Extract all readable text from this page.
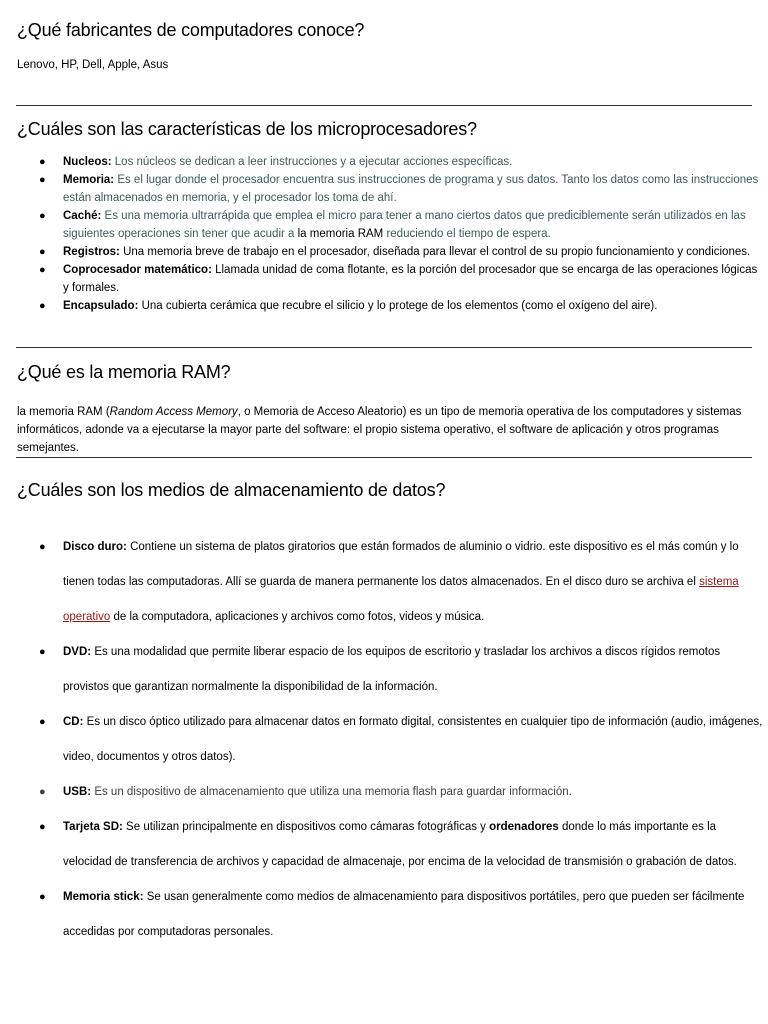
¿Qué fabricantes de computadores conoce?
Lenovo, HP, Dell, Apple, Asus
¿Cuáles son las características de los microprocesadores?
● Nucleos: Los núcleos se dedican a leer instrucciones y a ejecutar acciones específicas.
● Memoria: Es el lugar donde el procesador encuentra sus instrucciones de programa y sus datos. Tanto los datos como las instrucciones están almacenados en memoria, y el procesador los toma de ahí.
● Caché: Es una memoria ultrarrápida que emplea el micro para tener a mano ciertos datos que prediciblemente serán utilizados en las siguientes operaciones sin tener que acudir a la memoria RAM reduciendo el tiempo de espera.
● Registros: Una memoria breve de trabajo en el procesador, diseñada para llevar el control de su propio funcionamiento y condiciones.
● Coprocesador matemático: Llamada unidad de coma flotante, es la porción del procesador que se encarga de las operaciones lógicas y formales.
● Encapsulado: Una cubierta cerámica que recubre el silicio y lo protege de los elementos (como el oxígeno del aire).
¿Qué es la memoria RAM?
la memoria RAM (Random Access Memory, o Memoria de Acceso Aleatorio) es un tipo de memoria operativa de los computadores y sistemas informáticos, adonde va a ejecutarse la mayor parte del software: el propio sistema operativo, el software de aplicación y otros programas semejantes.
¿Cuáles son los medios de almacenamiento de datos?
● Disco duro: Contiene un sistema de platos giratorios que están formados de aluminio o vidrio. este dispositivo es el más común y lo tienen todas las computadoras. Allí se guarda de manera permanente los datos almacenados. En el disco duro se archiva el sistema operativo de la computadora, aplicaciones y archivos como fotos, videos y música.
● DVD: Es una modalidad que permite liberar espacio de los equipos de escritorio y trasladar los archivos a discos rígidos remotos provistos que garantizan normalmente la disponibilidad de la información.
● CD: Es un disco óptico utilizado para almacenar datos en formato digital, consistentes en cualquier tipo de información (audio, imágenes, video, documentos y otros datos).
● USB: Es un dispositivo de almacenamiento que utiliza una memoria flash para guardar información.
● Tarjeta SD: Se utilizan principalmente en dispositivos como cámaras fotográficas y ordenadores donde lo más importante es la velocidad de transferencia de archivos y capacidad de almacenaje, por encima de la velocidad de transmisión o grabación de datos.
● Memoria stick: Se usan generalmente como medios de almacenamiento para dispositivos portátiles, pero que pueden ser fácilmente accedidas por computadoras personales.
